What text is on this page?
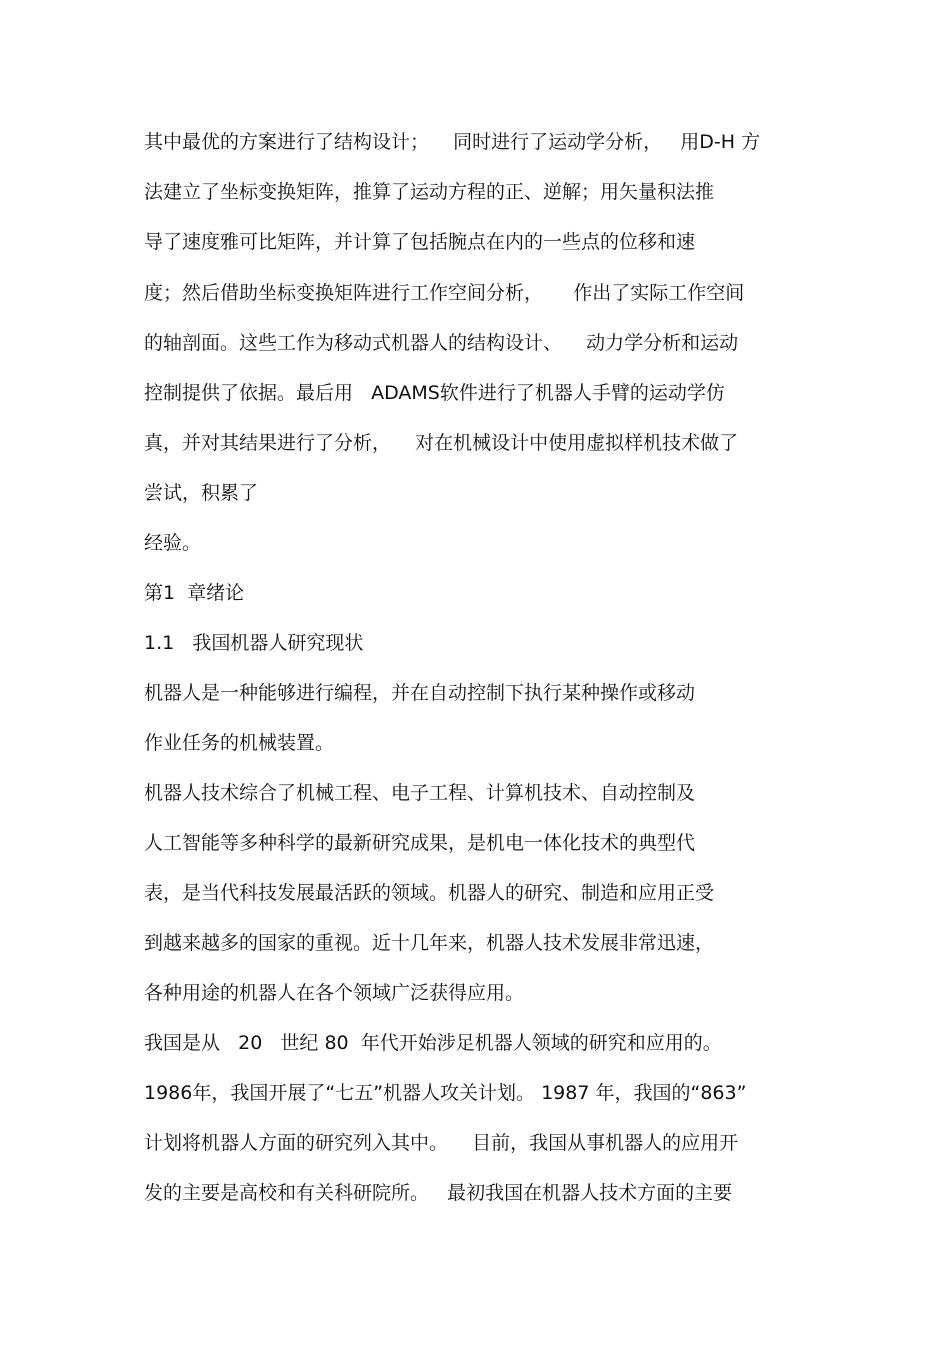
其中最优的方案进行了结构设计；    同时进行了运动学分析，   用D-H 方
法建立了坐标变换矩阵，推算了运动方程的正、逆解；用矢量积法推
导了速度雅可比矩阵，并计算了包括腕点在内的一些点的位移和速
度；然后借助坐标变换矩阵进行工作空间分析，     作出了实际工作空间
的轴剖面。这些工作为移动式机器人的结构设计、    动力学分析和运动
控制提供了依据。最后用   ADAMS软件进行了机器人手臂的运动学仿
真，并对其结果进行了分析，    对在机械设计中使用虚拟样机技术做了
尝试，积累了
经验。
第1  章绪论
1.1   我国机器人研究现状
机器人是一种能够进行编程，并在自动控制下执行某种操作或移动
作业任务的机械装置。
机器人技术综合了机械工程、电子工程、计算机技术、自动控制及
人工智能等多种科学的最新研究成果，是机电一体化技术的典型代
表，是当代科技发展最活跃的领域。机器人的研究、制造和应用正受
到越来越多的国家的重视。近十几年来，机器人技术发展非常迅速，
各种用途的机器人在各个领域广泛获得应用。
我国是从   20   世纪 80  年代开始涉足机器人领域的研究和应用的。
1986年，我国开展了“七五”机器人攻关计划。 1987 年，我国的“863”
计划将机器人方面的研究列入其中。    目前，我国从事机器人的应用开
发的主要是高校和有关科研院所。   最初我国在机器人技术方面的主要
